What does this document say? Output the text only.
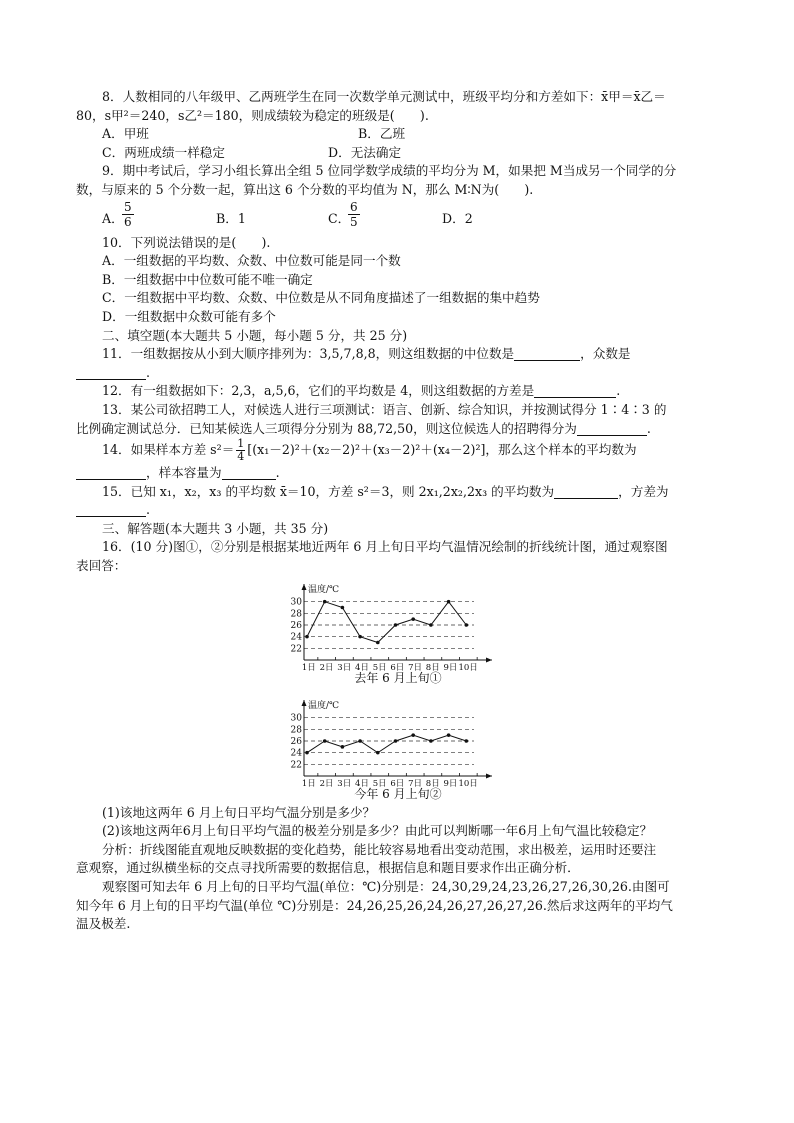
8．人数相同的八年级甲、乙两班学生在同一次数学单元测试中，班级平均分和方差如下：x̄甲＝x̄乙＝
80，s甲²＝240，s乙²＝180，则成绩较为稳定的班级是(　　).
A．甲班	B．乙班
C．两班成绩一样稳定	D．无法确定
9．期中考试后，学习小组长算出全组 5 位同学数学成绩的平均分为 M，如果把 M当成另一个同学的分
数，与原来的 5 个分数一起，算出这 6 个分数的平均值为 N，那么 M∶N为(　　).
A．
$\frac{5}{6}$	B．1	C．
$\frac{6}{5}$	D．2
10．下列说法错误的是(　　).
A．一组数据的平均数、众数、中位数可能是同一个数
B．一组数据中中位数可能不唯一确定
C．一组数据中平均数、众数、中位数是从不同角度描述了一组数据的集中趋势
D．一组数据中众数可能有多个
二、填空题(本大题共 5 小题，每小题 5 分，共 25 分)
11．一组数据按从小到大顺序排列为：3,5,7,8,8，则这组数据的中位数是	，众数是
.
12．有一组数据如下：2,3，a,5,6，它们的平均数是 4，则这组数据的方差是	.
13．某公司欲招聘工人，对候选人进行三项测试：语言、创新、综合知识，并按测试得分 1∶4∶3 的
比例确定测试总分．已知某候选人三项得分分别为 88,72,50，则这位候选人的招聘得分为	.
14．如果样本方差 $s^2= \frac{1}{4} [(x_1-2)^2+(x_2-2)^2+(x_3-2)^2+(x_4-2)^2]$，那么这个样本的平均数为
，样本容量为	.
15．已知 x₁，x₂，x₃ 的平均数 x̄＝10，方差 s²＝3，则 2x₁,2x₂,2x₃ 的平均数为	，方差为
.
三、解答题(本大题共 3 小题，共 35 分)
16．(10 分)图①，②分别是根据某地近两年 6 月上旬日平均气温情况绘制的折线统计图，通过观察图
表回答：
(1)该地这两年 6 月上旬日平均气温分别是多少？
(2)该地这两年6月上旬日平均气温的极差分别是多少？由此可以判断哪一年6月上旬气温比较稳定？
分析：折线图能直观地反映数据的变化趋势，能比较容易地看出变动范围，求出极差，运用时还要注
意观察，通过纵横坐标的交点寻找所需要的数据信息，根据信息和题目要求作出正确分析．
观察图可知去年 6 月上旬的日平均气温(单位：℃)分别是：24,30,29,24,23,26,27,26,30,26.由图可
知今年 6 月上旬的日平均气温(单位 ℃)分别是：24,26,25,26,24,26,27,26,27,26.然后求这两年的平均气
温及极差.
22
24
26
28
30
温度/℃
1日 2日 3日 4日 5日 6日 7日 8日 9日 10日
去年 6 月上旬①

22
24
26
28
30
温度/℃
1日 2日 3日 4日 5日 6日 7日 8日 9日 10日
今年 6 月上旬②
